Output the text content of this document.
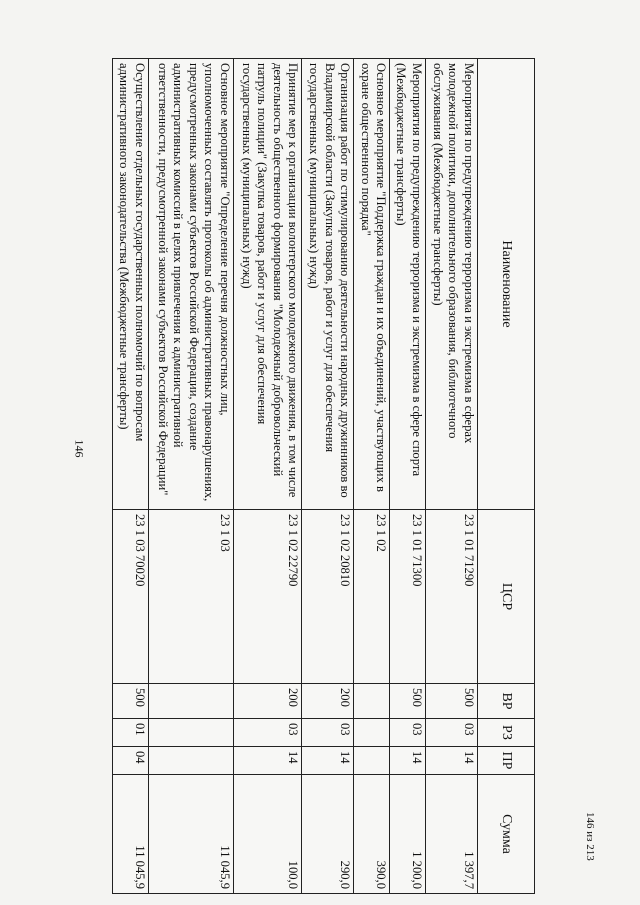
146
Наименование	ЦСР	ВР	РЗ	ПР	Сумма
Мероприятия по предупреждению терроризма и экстремизма в сферах молодежной политики, дополнительного образования, библиотечного обслуживания (Межбюджетные трансферты)	23 1 01 71290	500	03	14	1 397,7
Мероприятия по предупреждению терроризма и экстремизма в сфере спорта (Межбюджетные трансферты)	23 1 01 71300	500	03	14	1 200,0
Основное мероприятие "Поддержка граждан и их объединений, участвующих в охране общественного порядка"	23 1 02				390,0
Организация работ по стимулированию деятельности народных дружинников во Владимирской области (Закупка товаров, работ и услуг для обеспечения государственных (муниципальных) нужд)	23 1 02 20810	200	03	14	290,0
Принятие мер к организации волонтерского молодежного движения, в том числе деятельность общественного формирования "Молодежный добровольческий патруль полиции" (Закупка товаров, работ и услуг для обеспечения государственных (муниципальных) нужд)	23 1 02 22790	200	03	14	100,0
Основное мероприятие "Определение перечня должностных лиц, уполномоченных составлять протоколы об административных правонарушениях, предусмотренных законами субъектов Российской Федерации, создание административных комиссий в целях привлечения к административной ответственности, предусмотренной законами субъектов Российской Федерации"	23 1 03				11 045,9
Осуществление отдельных государственных полномочий по вопросам административного законодательства (Межбюджетные трансферты)	23 1 03 70020	500	01	04	11 045,9
146 из 213
